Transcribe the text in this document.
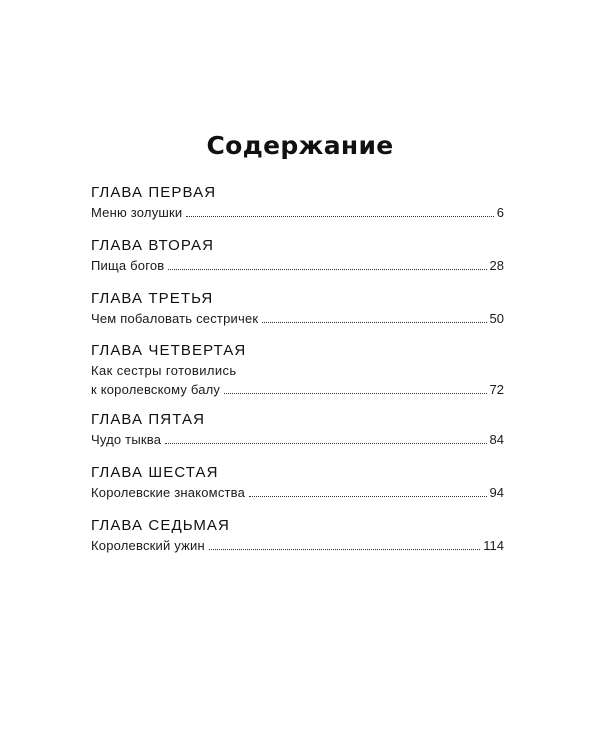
Содержание
ГЛАВА ПЕРВАЯ
Меню золушки	6
ГЛАВА ВТОРАЯ
Пища богов	28
ГЛАВА ТРЕТЬЯ
Чем побаловать сестричек	50
ГЛАВА ЧЕТВЕРТАЯ
Как сестры готовились
к королевскому балу	72
ГЛАВА ПЯТАЯ
Чудо тыква	84
ГЛАВА ШЕСТАЯ
Королевские знакомства	94
ГЛАВА СЕДЬМАЯ
Королевский ужин	114
